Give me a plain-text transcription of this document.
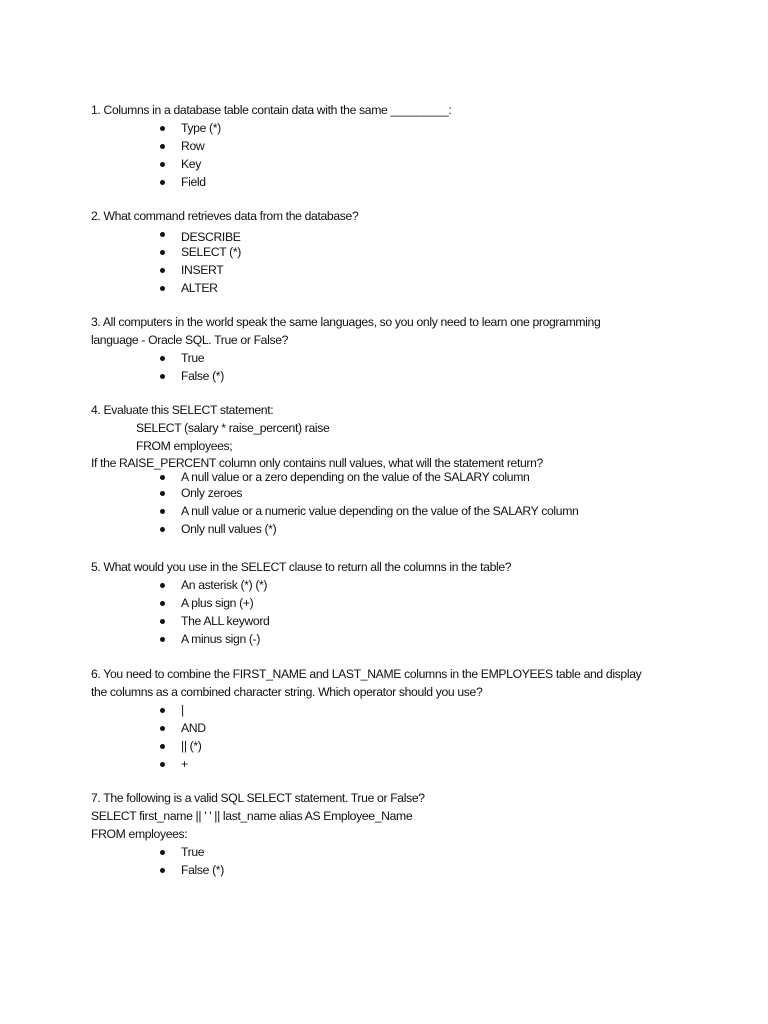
1. Columns in a database table contain data with the same _________:
Type (*)
Row
Key
Field
2. What command retrieves data from the database?
DESCRIBE
SELECT (*)
INSERT
ALTER
3. All computers in the world speak the same languages, so you only need to learn one programming
language - Oracle SQL. True or False?
True
False (*)
4. Evaluate this SELECT statement:
SELECT (salary * raise_percent) raise
FROM employees;
If the RAISE_PERCENT column only contains null values, what will the statement return?
A null value or a zero depending on the value of the SALARY column
Only zeroes
A null value or a numeric value depending on the value of the SALARY column
Only null values (*)
5. What would you use in the SELECT clause to return all the columns in the table?
An asterisk (*) (*)
A plus sign (+)
The ALL keyword
A minus sign (-)
6. You need to combine the FIRST_NAME and LAST_NAME columns in the EMPLOYEES table and display
the columns as a combined character string. Which operator should you use?
|
AND
|| (*)
+
7. The following is a valid SQL SELECT statement. True or False?
SELECT first_name || ' ' || last_name alias AS Employee_Name
FROM employees:
True
False (*)
